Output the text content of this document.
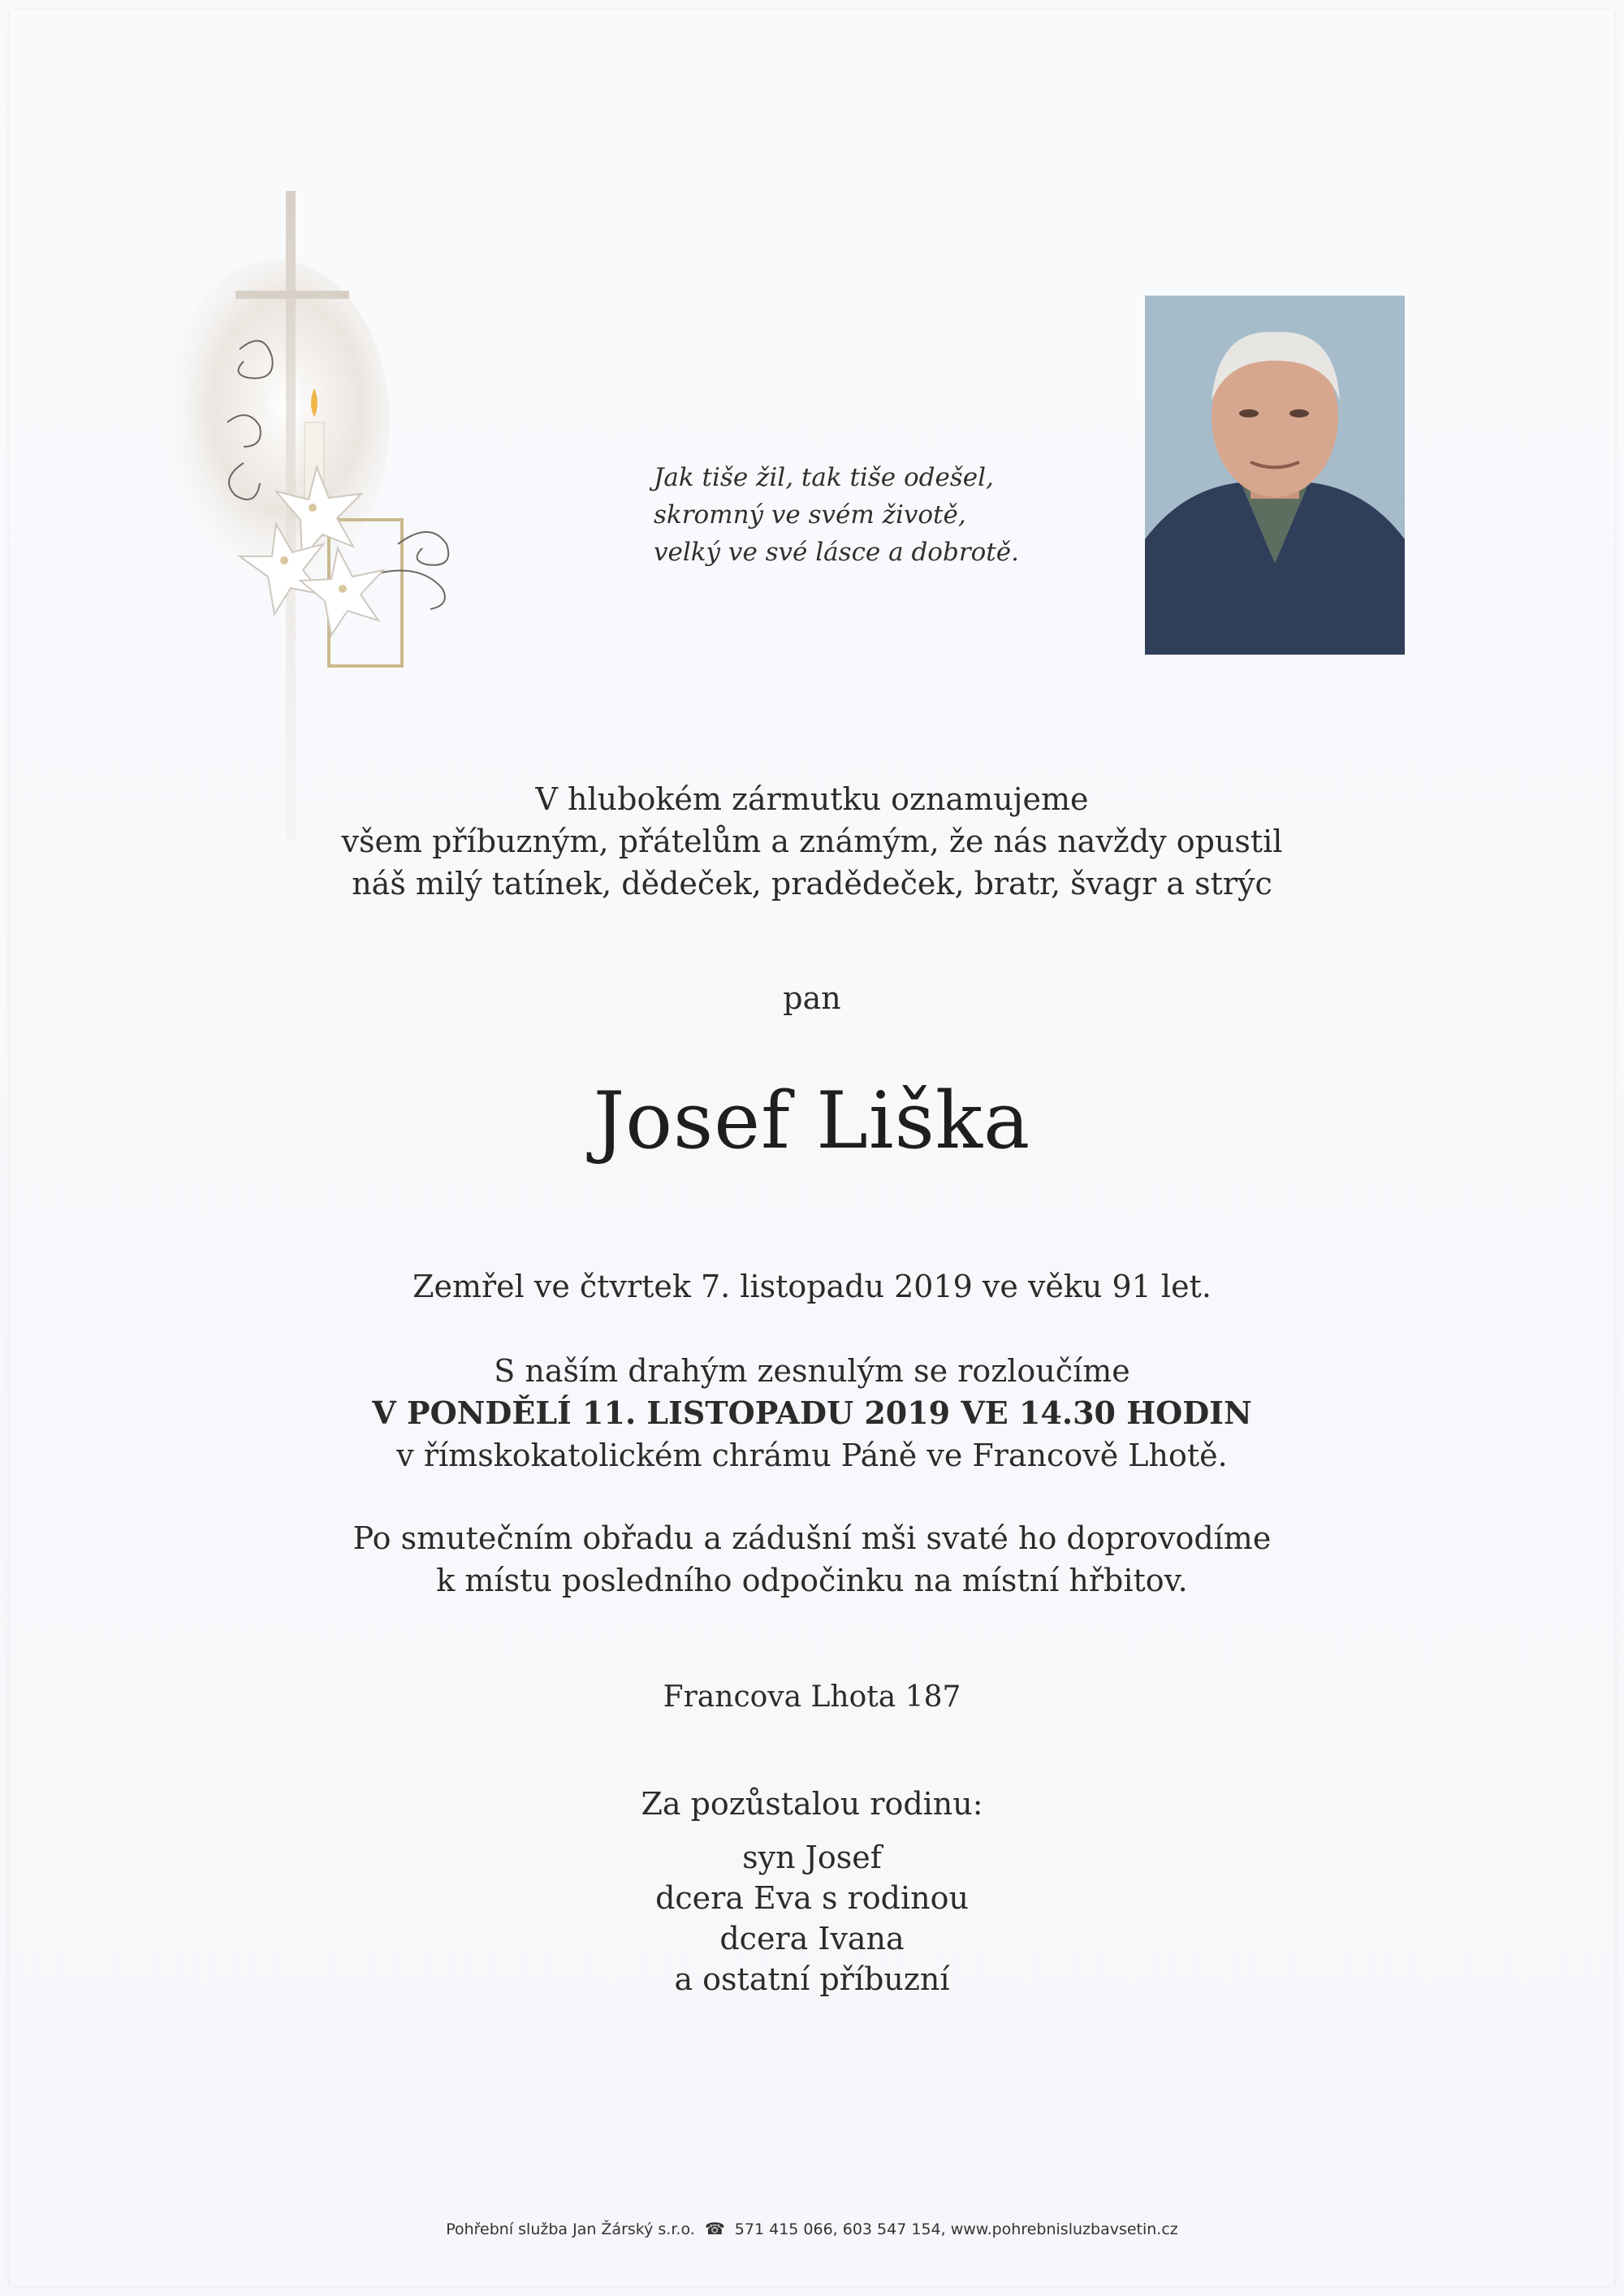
Jak tiše žil, tak tiše odešel,
skromný ve svém životě,
velký ve své lásce a dobrotě.
V hlubokém zármutku oznamujeme
všem příbuzným, přátelům a známým, že nás navždy opustil
náš milý tatínek, dědeček, pradědeček, bratr, švagr a strýc
pan
Josef Liška
Zemřel ve čtvrtek 7. listopadu 2019 ve věku 91 let.
S naším drahým zesnulým se rozloučíme
V PONDĚLÍ 11. LISTOPADU 2019 VE 14.30 HODIN
v římskokatolickém chrámu Páně ve Francově Lhotě.
Po smutečním obřadu a zádušní mši svaté ho doprovodíme
k místu posledního odpočinku na místní hřbitov.
Francova Lhota 187
Za pozůstalou rodinu:
syn Josef
dcera Eva s rodinou
dcera Ivana
a ostatní příbuzní
Pohřební služba Jan Žárský s.r.o. ☎ 571 415 066, 603 547 154, www.pohrebnisluzbavsetin.cz
